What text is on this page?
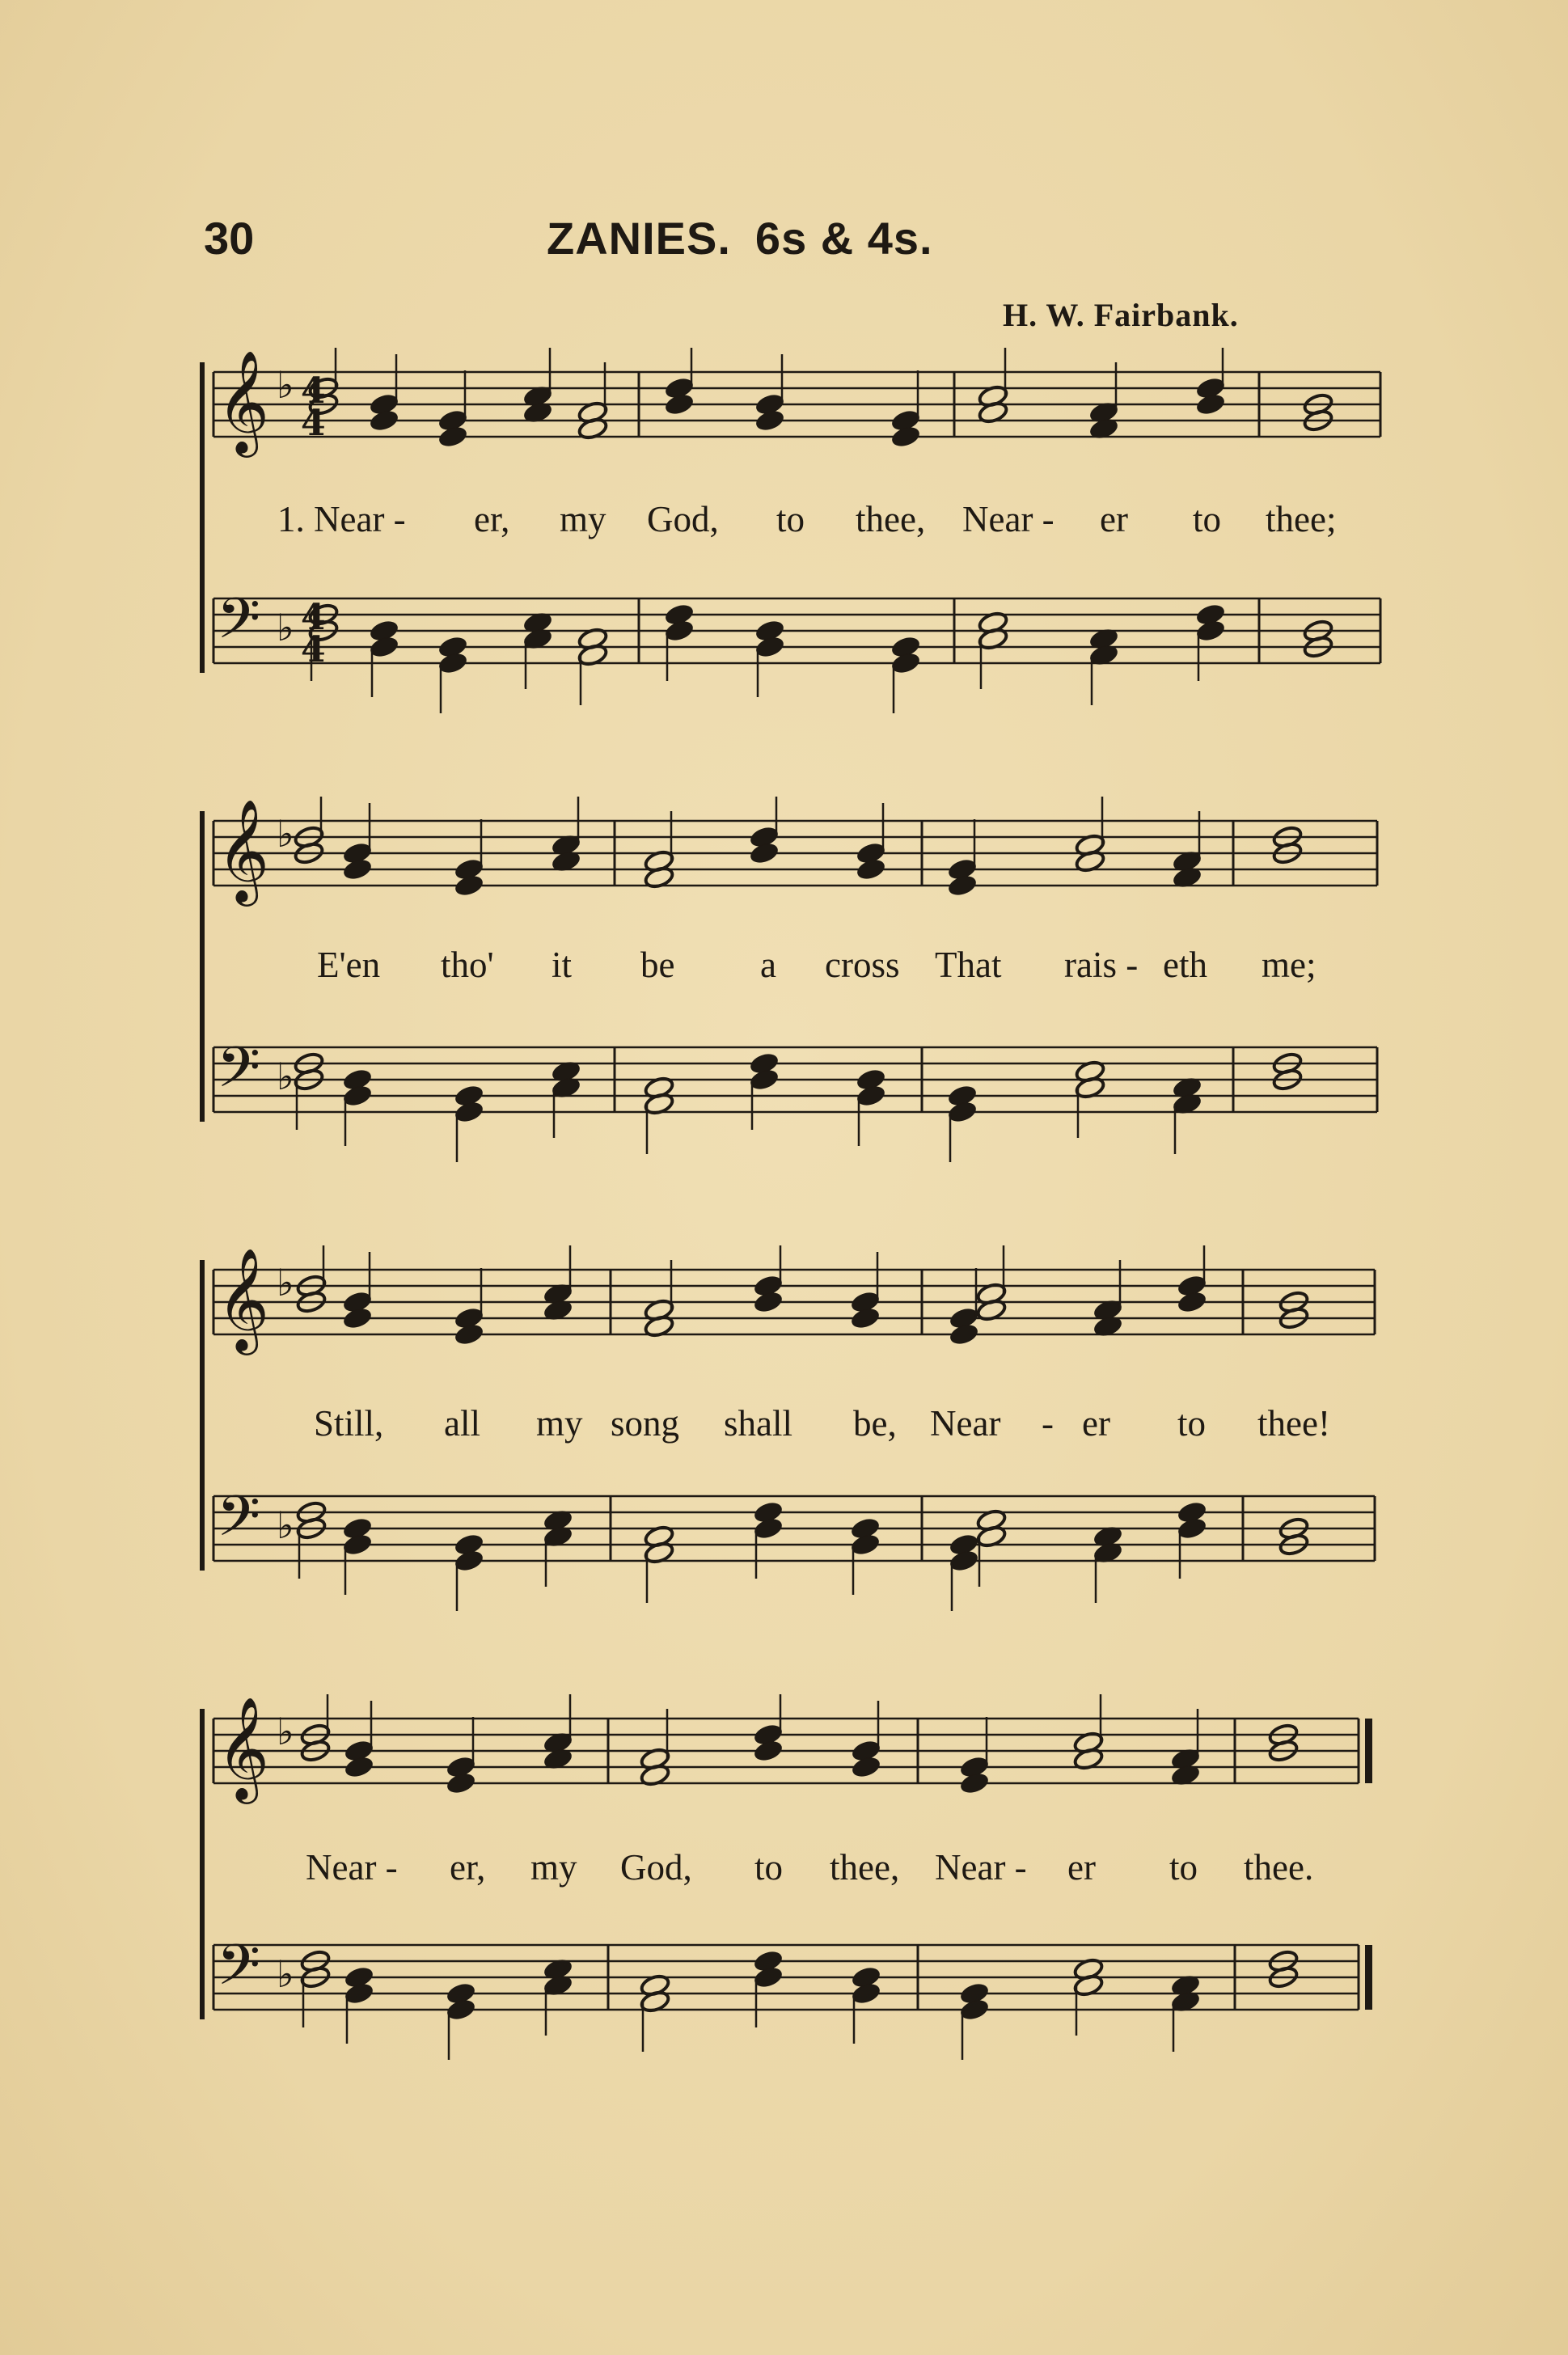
30	ZANIES. 6s & 4s.
H. W. Fairbank.
𝄞 ♭ 4
4
𝄢 ♭ 4
4
1. Near - er, my God, to thee, Near - er to thee;
𝄞 ♭
𝄢 ♭
E'en tho' it be a cross That rais - eth me;
𝄞 ♭
𝄢 ♭
Still, all my song shall be, Near - er to thee!
𝄞 ♭
𝄢 ♭
Near - er, my God, to thee, Near - er to thee.
